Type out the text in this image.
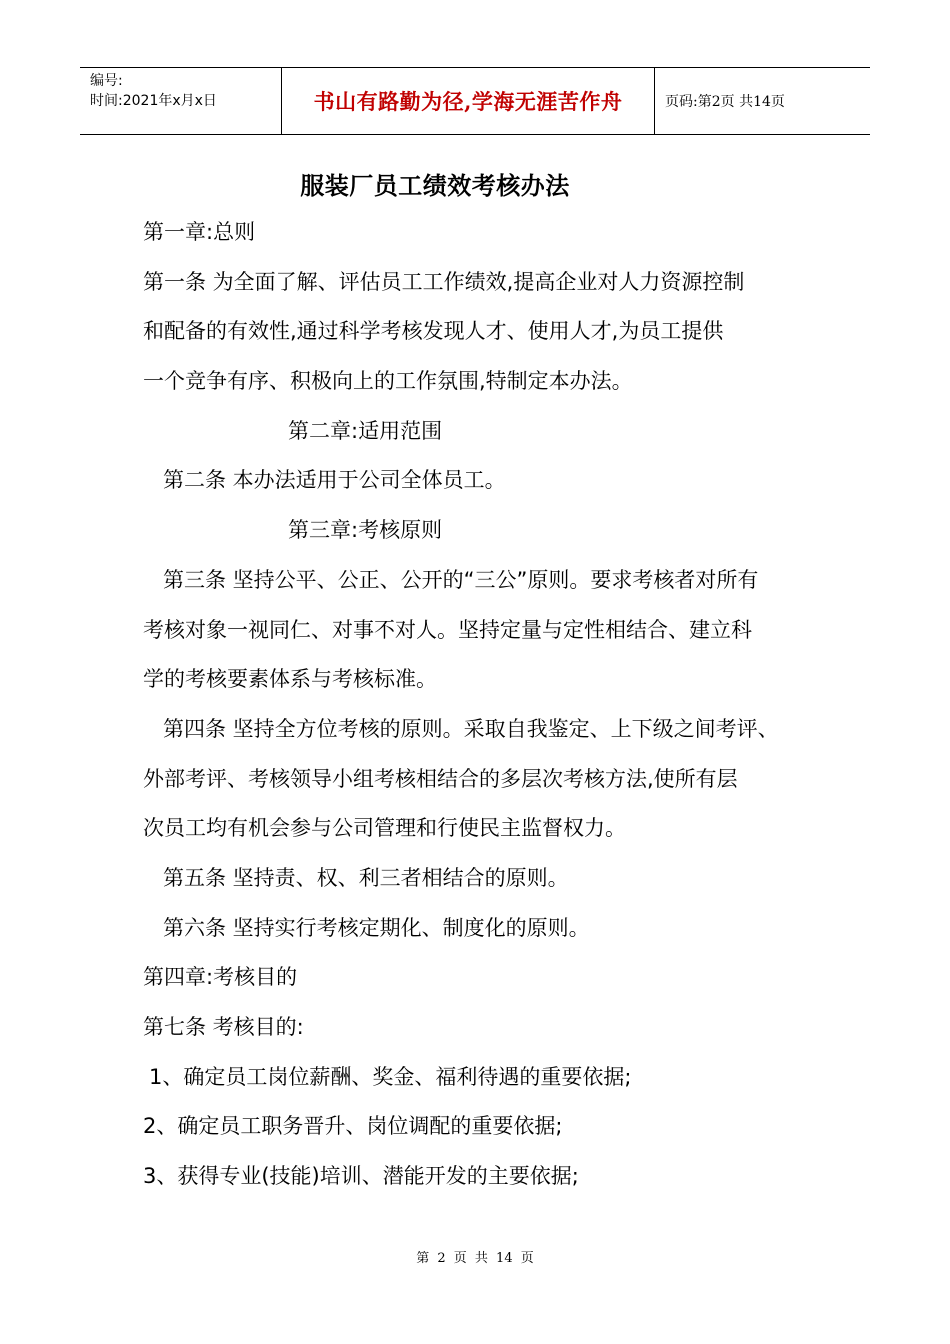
编号:
时间:2021年x月x日	书山有路勤为径,学海无涯苦作舟	页码:第2页 共14页
服装厂员工绩效考核办法
第一章:总则
第一条 为全面了解、评估员工工作绩效,提高企业对人力资源控制
和配备的有效性,通过科学考核发现人才、使用人才,为员工提供
一个竞争有序、积极向上的工作氛围,特制定本办法。
第二章:适用范围
第二条 本办法适用于公司全体员工。
第三章:考核原则
第三条 坚持公平、公正、公开的“三公”原则。要求考核者对所有
考核对象一视同仁、对事不对人。坚持定量与定性相结合、建立科
学的考核要素体系与考核标准。
第四条 坚持全方位考核的原则。采取自我鉴定、上下级之间考评、
外部考评、考核领导小组考核相结合的多层次考核方法,使所有层
次员工均有机会参与公司管理和行使民主监督权力。
第五条 坚持责、权、利三者相结合的原则。
第六条 坚持实行考核定期化、制度化的原则。
第四章:考核目的
第七条 考核目的:
1、确定员工岗位薪酬、奖金、福利待遇的重要依据;
2、确定员工职务晋升、岗位调配的重要依据;
3、获得专业(技能)培训、潜能开发的主要依据;
第 2 页 共 14 页
